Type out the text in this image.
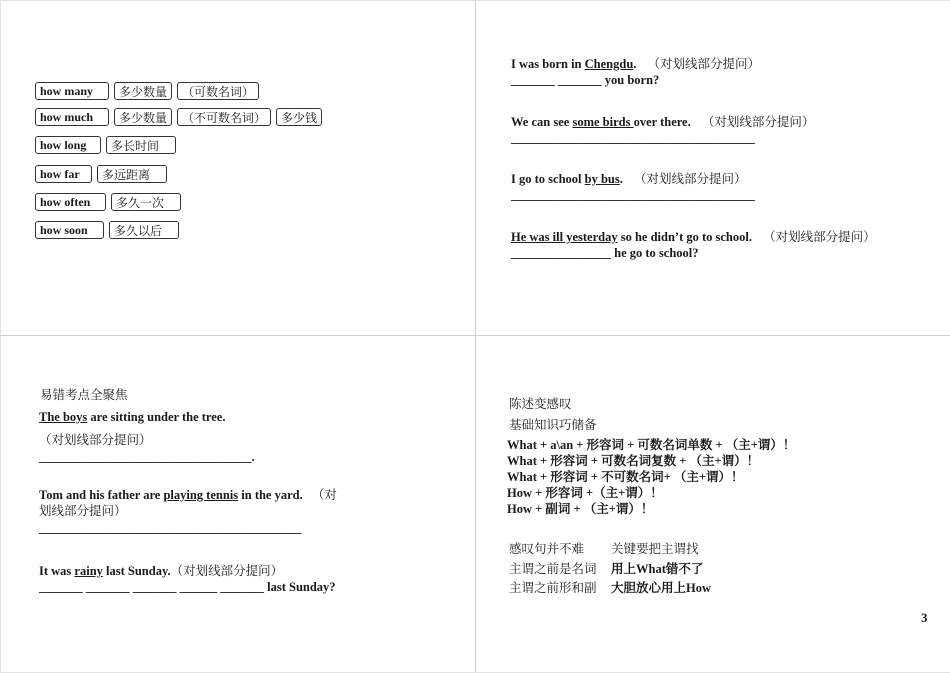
how many	多少数量	（可数名词）
how much	多少数量	（不可数名词）	多少钱
how long	多长时间
how far	多远距离
how often	多久一次
how soon	多久以后
I was born in Chengdu. （对划线部分提问）
_______ _______ you born?
We can see some birds over there. （对划线部分提问）
_______________________________________
I go to school by bus. （对划线部分提问）
_______________________________________
He was ill yesterday so he didn’t go to school. （对划线部分提问）
________________ he go to school?
易错考点全聚焦
The boys are sitting under the tree.
（对划线部分提问）
__________________________________.
Tom and his father are playing tennis in the yard. （对
划线部分提问）
__________________________________________
It was rainy last Sunday.（对划线部分提问）
_______ _______ _______ ______ _______ last Sunday?
陈述变感叹
基础知识巧储备
What + a\an + 形容词 + 可数名词单数 + （主+谓）！
What + 形容词 + 可数名词复数 + （主+谓）！
What + 形容词 + 不可数名词+ （主+谓）！
How + 形容词 +（主+谓）！
How + 副词 + （主+谓）！
感叹句并不难 关键要把主谓找
主谓之前是名词 用上What错不了
主谓之前形和副 大胆放心用上How
3
